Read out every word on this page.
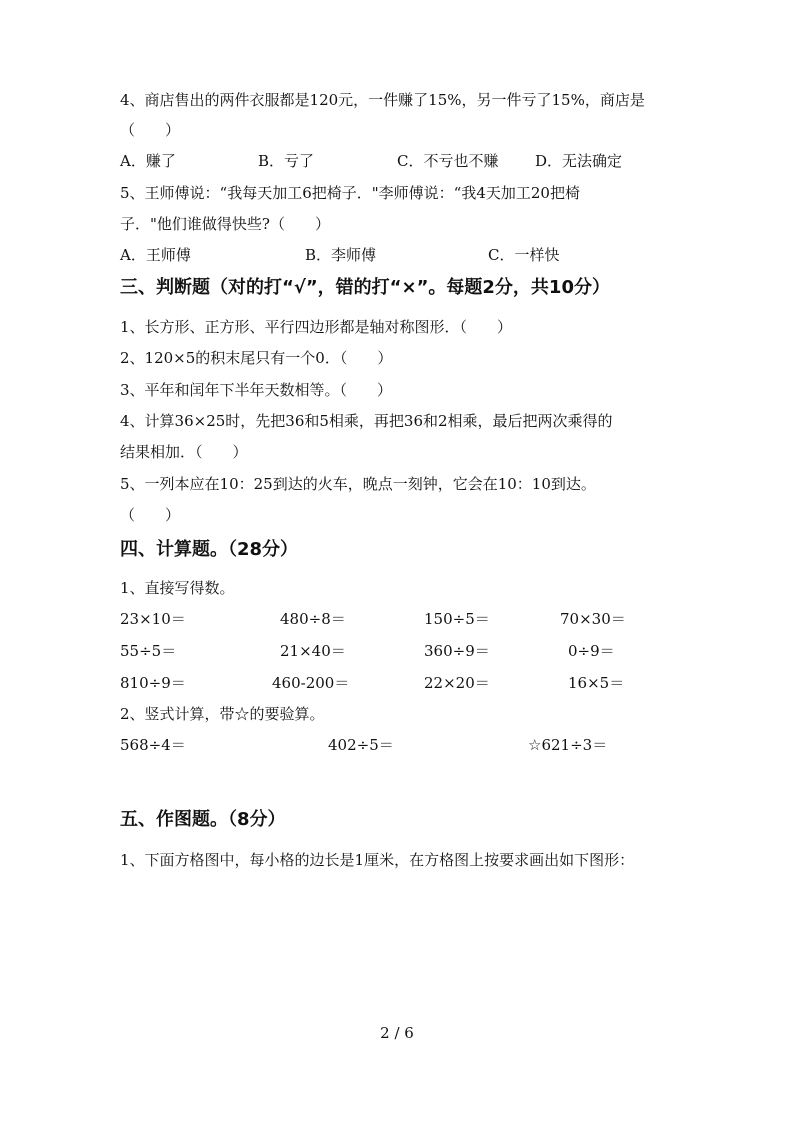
4、商店售出的两件衣服都是120元，一件赚了15%，另一件亏了15%，商店是
（　　）
A．赚了	B．亏了	C．不亏也不赚 D．无法确定
5、王师傅说：“我每天加工6把椅子．"李师傅说：“我4天加工20把椅
子．"他们谁做得快些?（　　）
A．王师傅	B．李师傅	C．一样快
三、判断题（对的打“√”，错的打“×”。每题2分，共10分）
1、长方形、正方形、平行四边形都是轴对称图形．（　　）
2、120×5的积末尾只有一个0．（　　）
3、平年和闰年下半年天数相等。（　　）
4、计算36×25时，先把36和5相乘，再把36和2相乘，最后把两次乘得的
结果相加．（　　）
5、一列本应在10：25到达的火车，晚点一刻钟，它会在10：10到达。
（　　）
四、计算题。（28分）
1、直接写得数。
23×10＝	480÷8＝	150÷5＝	70×30＝
55÷5＝	21×40＝	360÷9＝	0÷9＝
810÷9＝	460-200＝	22×20＝	16×5＝
2、竖式计算，带☆的要验算。
568÷4＝	402÷5＝	☆621÷3＝
五、作图题。（8分）
1、下面方格图中，每小格的边长是1厘米，在方格图上按要求画出如下图形：
2 / 6
